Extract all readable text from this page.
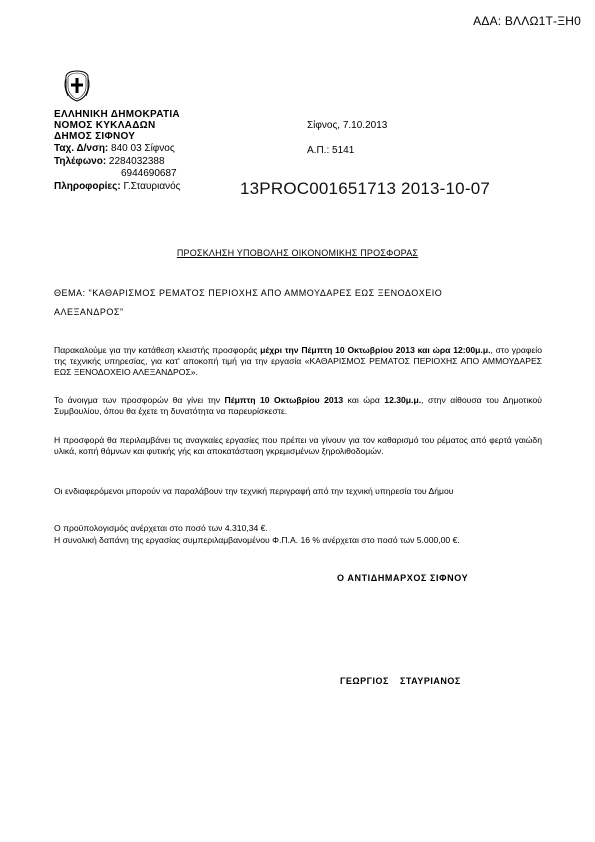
ΑΔΑ: ΒΛΛΩ1Τ-ΞΗ0
ΕΛΛΗΝΙΚΗ ΔΗΜΟΚΡΑΤΙΑ
ΝΟΜΟΣ ΚΥΚΛΑΔΩΝ
ΔΗΜΟΣ ΣΙΦΝΟΥ
Ταχ. Δ/νση: 840 03 Σίφνος
Τηλέφωνο: 2284032388
6944690687
Πληροφορίες: Γ.Σταυριανός
Σίφνος, 7.10.2013
Α.Π.: 5141
13PROC001651713 2013-10-07
ΠΡΟΣΚΛΗΣΗ ΥΠΟΒΟΛΗΣ ΟΙΚΟΝΟΜΙΚΗΣ ΠΡΟΣΦΟΡΑΣ
ΘΕΜΑ: "ΚΑΘΑΡΙΣΜΟΣ ΡΕΜΑΤΟΣ ΠΕΡΙΟΧΗΣ ΑΠΟ ΑΜΜΟΥΔΑΡΕΣ ΕΩΣ ΞΕΝΟΔΟΧΕΙΟ
ΑΛΕΞΑΝΔΡΟΣ”
Παρακαλούμε για την κατάθεση κλειστής προσφοράς μέχρι την Πέμπτη 10 Οκτωβρίου 2013 και ώρα 12:00μ.μ., στο γραφείο της τεχνικής υπηρεσίας, για κατ' αποκοπή τιμή για την εργασία «ΚΑΘΑΡΙΣΜΟΣ ΡΕΜΑΤΟΣ ΠΕΡΙΟΧΗΣ ΑΠΟ ΑΜΜΟΥΔΑΡΕΣ ΕΩΣ ΞΕΝΟΔΟΧΕΙΟ ΑΛΕΞΑΝΔΡΟΣ».
Το άνοιγμα των προσφορών θα γίνει την Πέμπτη 10 Οκτωβρίου 2013 και ώρα 12.30μ.μ., στην αίθουσα του Δημοτικού Συμβουλίου, όπου θα έχετε τη δυνατότητα να παρευρίσκεστε.
Η προσφορά θα περιλαμβάνει τις αναγκαίες εργασίες που πρέπει να γίνουν για τον καθαρισμό του ρέματος από φερτά γαιώδη υλικά, κοπή θάμνων και φυτικής γής και αποκατάσταση γκρεμισμένων ξηρολιθοδομών.
Οι ενδιαφερόμενοι μπορούν να παραλάβουν την τεχνική περιγραφή από την τεχνική υπηρεσία του Δήμου
Ο προϋπολογισμός ανέρχεται στο ποσό των 4.310,34 €.
Η συνολική δαπάνη της εργασίας συμπεριλαμβανομένου Φ.Π.Α. 16 % ανέρχεται στο ποσό των 5.000,00 €.
Ο ΑΝΤΙΔΗΜΑΡΧΟΣ ΣΙΦΝΟΥ
ΓΕΩΡΓΙΟΣ ΣΤΑΥΡΙΑΝΟΣ
